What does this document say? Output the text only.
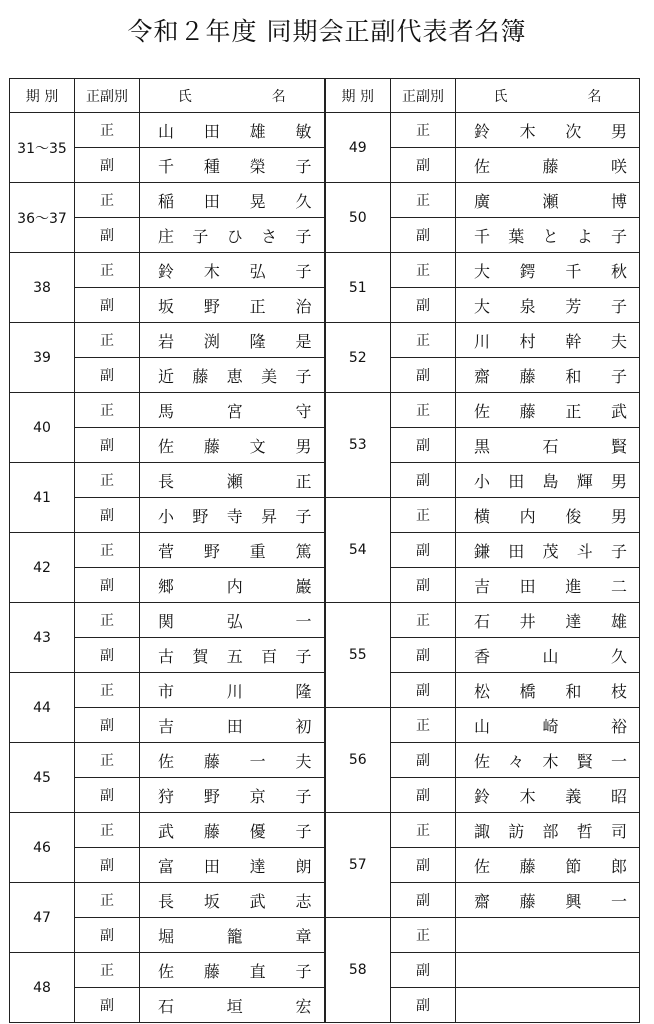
令和２年度 同期会正副代表者名簿
期 別	正副別	氏 名	期 別	正副別	氏 名
31〜35	正	山 田 雄 敏	49	正	鈴 木 次 男

	副	千 種 榮 子		副	佐 藤 咲

36〜37	正	稲 田 晃 久	50	正	廣 瀬 博

	副	庄 子 ひ さ 子		副	千 葉 と よ 子

38	正	鈴 木 弘 子	51	正	大 鍔 千 秋

	副	坂 野 正 治		副	大 泉 芳 子

39	正	岩 渕 隆 是	52	正	川 村 幹 夫

	副	近 藤 恵 美 子		副	齋 藤 和 子

40	正	馬 宮 守	53	正	佐 藤 正 武

	副	佐 藤 文 男		副	黒 石 賢

41	正	長 瀬 正		副	小 田 島 輝 男

	副	小 野 寺 昇 子	54	正	横 内 俊 男

42	正	菅 野 重 篤		副	鎌 田 茂 斗 子

	副	郷 内 巖		副	吉 田 進 二

43	正	関 弘 一	55	正	石 井 達 雄

	副	古 賀 五 百 子		副	香 山 久

44	正	市 川 隆		副	松 橋 和 枝

	副	吉 田 初	56	正	山 崎 裕

45	正	佐 藤 一 夫		副	佐 々 木 賢 一

	副	狩 野 京 子		副	鈴 木 義 昭

46	正	武 藤 優 子	57	正	諏 訪 部 哲 司

	副	富 田 達 朗		副	佐 藤 節 郎

47	正	長 坂 武 志		副	齋 藤 興 一

	副	堀 籠 章	58	正	

48	正	佐 藤 直 子		副	

	副	石 垣 宏		副	
